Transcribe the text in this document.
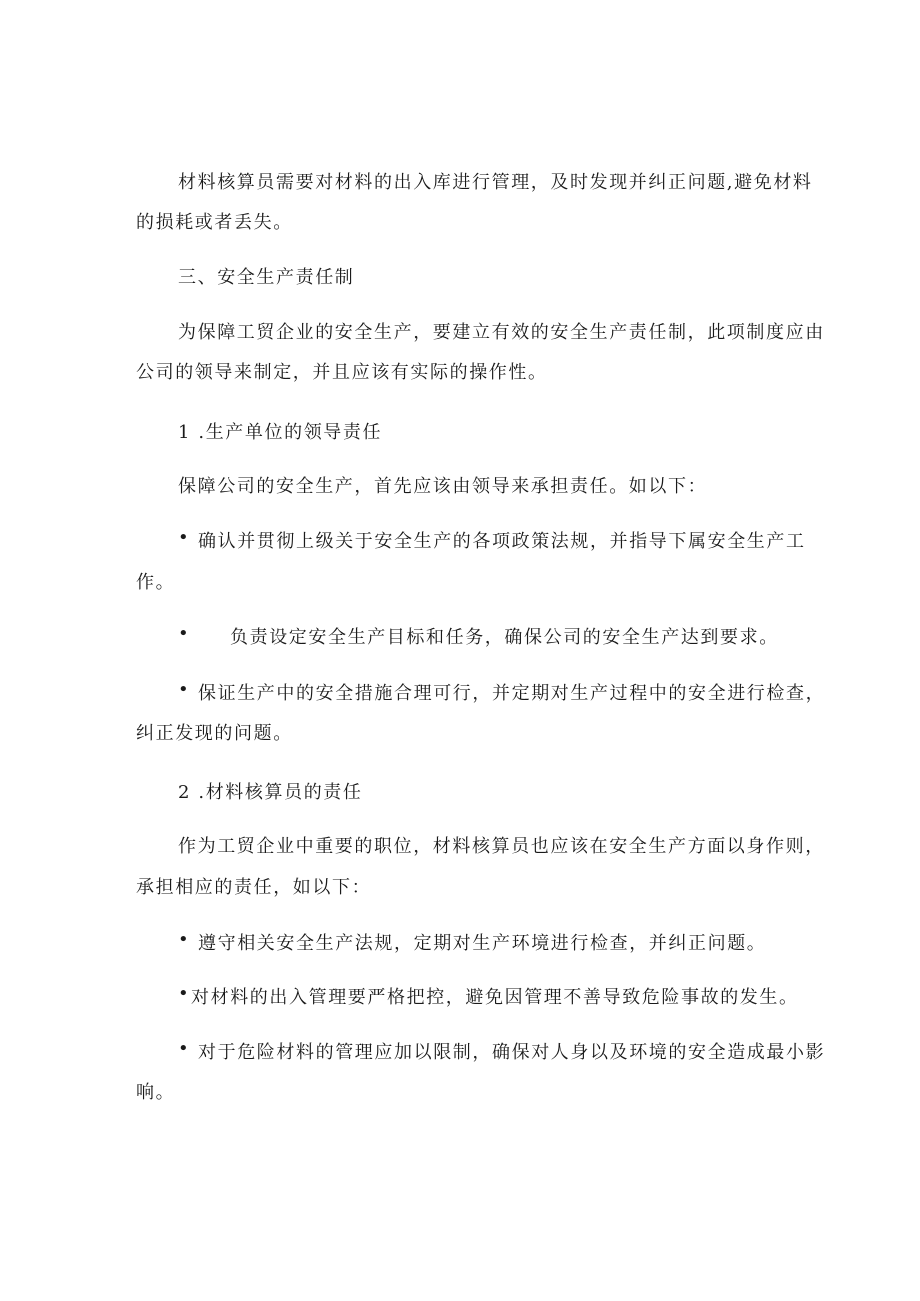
材料核算员需要对材料的出入库进行管理，及时发现并纠正问题,避免材料
的损耗或者丢失。
三、安全生产责任制
为保障工贸企业的安全生产，要建立有效的安全生产责任制，此项制度应由
公司的领导来制定，并且应该有实际的操作性。
1 .生产单位的领导责任
保障公司的安全生产，首先应该由领导来承担责任。如以下：
• 确认并贯彻上级关于安全生产的各项政策法规，并指导下属安全生产工
作。
• 负责设定安全生产目标和任务，确保公司的安全生产达到要求。
• 保证生产中的安全措施合理可行，并定期对生产过程中的安全进行检查，
纠正发现的问题。
2 .材料核算员的责任
作为工贸企业中重要的职位，材料核算员也应该在安全生产方面以身作则，
承担相应的责任，如以下：
• 遵守相关安全生产法规，定期对生产环境进行检查，并纠正问题。
• 对材料的出入管理要严格把控，避免因管理不善导致危险事故的发生。
• 对于危险材料的管理应加以限制，确保对人身以及环境的安全造成最小影
响。
